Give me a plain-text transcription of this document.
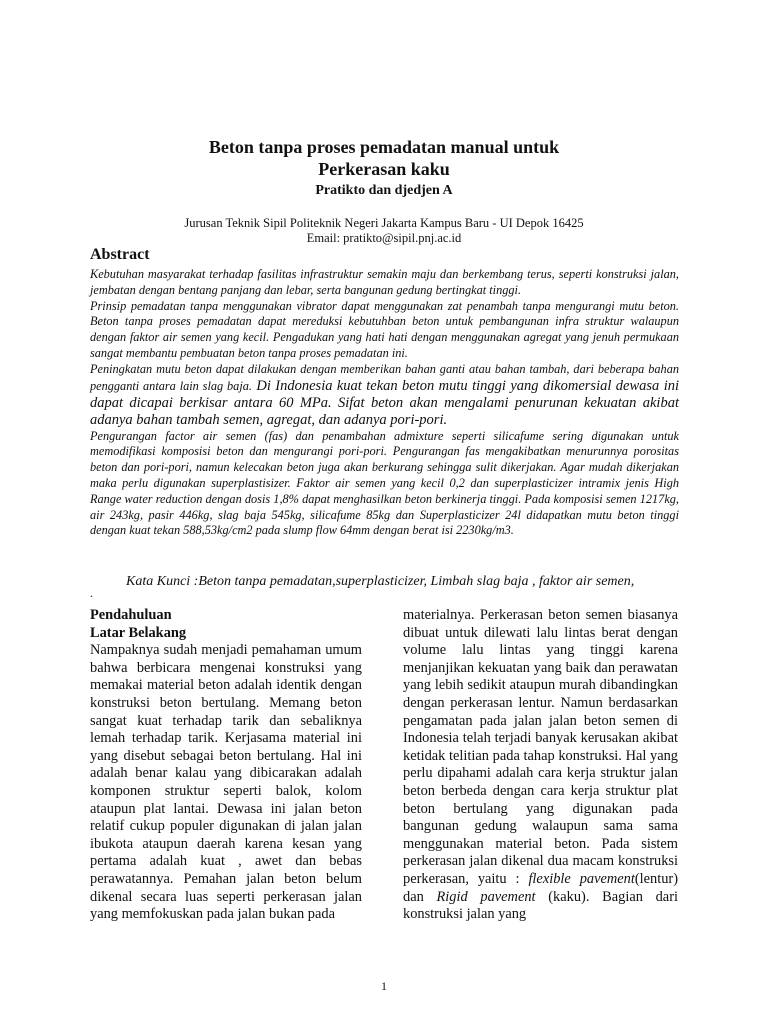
Beton tanpa proses pemadatan manual untuk
Perkerasan kaku
Pratikto dan djedjen A
Jurusan Teknik Sipil Politeknik Negeri Jakarta Kampus Baru - UI Depok 16425
Email: pratikto@sipil.pnj.ac.id
Abstract

Kebutuhan masyarakat terhadap fasilitas infrastruktur semakin maju dan berkembang terus, seperti konstruksi jalan, jembatan dengan bentang panjang dan lebar, serta bangunan gedung bertingkat tinggi.

Prinsip pemadatan tanpa menggunakan vibrator dapat menggunakan zat penambah tanpa mengurangi mutu beton. Beton tanpa proses pemadatan dapat mereduksi kebutuhban beton untuk pembangunan infra struktur walaupun dengan faktor air semen yang kecil. Pengadukan yang hati hati dengan menggunakan agregat yang jenuh permukaan sangat membantu pembuatan beton tanpa proses pemadatan ini.

Peningkatan mutu beton dapat dilakukan dengan memberikan bahan ganti atau bahan tambah, dari beberapa bahan pengganti antara lain slag baja. Di Indonesia kuat tekan beton mutu tinggi yang dikomersial dewasa ini dapat dicapai berkisar antara 60 MPa. Sifat beton akan mengalami penurunan kekuatan akibat adanya bahan tambah semen, agregat, dan adanya pori-pori.

Pengurangan factor air semen (fas) dan penambahan admixture seperti silicafume sering digunakan untuk memodifikasi komposisi beton dan mengurangi pori-pori. Pengurangan fas mengakibatkan menurunnya porositas beton dan pori-pori, namun kelecakan beton juga akan berkurang sehingga sulit dikerjakan. Agar mudah dikerjakan maka perlu digunakan superplastisizer. Faktor air semen yang kecil 0,2 dan superplasticizer intramix jenis High Range water reduction dengan dosis 1,8% dapat menghasilkan beton berkinerja tinggi. Pada komposisi semen 1217kg, air 243kg, pasir 446kg, slag baja 545kg, silicafume 85kg dan Superplasticizer 24l didapatkan mutu beton tinggi dengan kuat tekan 588,53kg/cm2 pada slump flow 64mm dengan berat isi 2230kg/m3.

Kata Kunci :Beton tanpa pemadatan,superplasticizer, Limbah slag baja , faktor air semen,
.

Pendahuluan

Latar Belakang

Nampaknya sudah menjadi pemahaman umum bahwa berbicara mengenai konstruksi yang memakai material beton adalah identik dengan konstruksi beton bertulang. Memang beton sangat kuat terhadap tarik dan sebaliknya lemah terhadap tarik. Kerjasama material ini yang disebut sebagai beton bertulang. Hal ini adalah benar kalau yang dibicarakan adalah komponen struktur seperti balok, kolom ataupun plat lantai. Dewasa ini jalan beton relatif cukup populer digunakan di jalan jalan ibukota ataupun daerah karena kesan yang pertama adalah kuat , awet dan bebas perawatannya. Pemahan jalan beton belum dikenal secara luas seperti perkerasan jalan yang memfokuskan pada jalan bukan pada

materialnya. Perkerasan beton semen biasanya dibuat untuk dilewati lalu lintas berat dengan volume lalu lintas yang tinggi karena menjanjikan kekuatan yang baik dan perawatan yang lebih sedikit ataupun murah dibandingkan dengan perkerasan lentur. Namun berdasarkan pengamatan pada jalan jalan beton semen di Indonesia telah terjadi banyak kerusakan akibat ketidak telitian pada tahap konstruksi. Hal yang perlu dipahami adalah cara kerja struktur jalan beton berbeda dengan cara kerja struktur plat beton bertulang yang digunakan pada bangunan gedung walaupun sama sama menggunakan material beton. Pada sistem perkerasan jalan dikenal dua macam konstruksi perkerasan, yaitu : flexible pavement(lentur) dan Rigid pavement (kaku). Bagian dari konstruksi jalan yang

1
